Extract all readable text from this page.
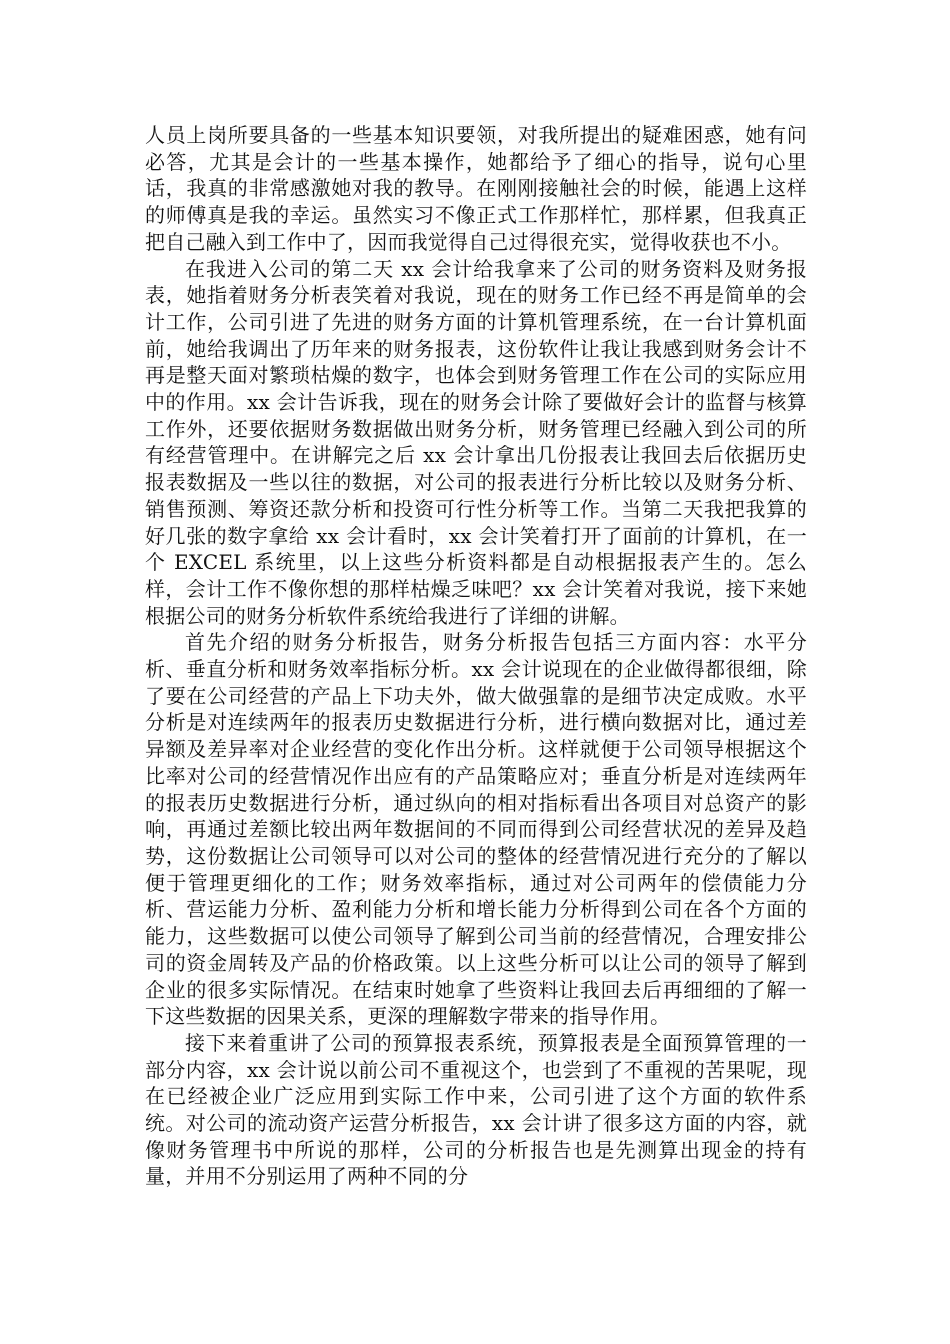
人员上岗所要具备的一些基本知识要领，对我所提出的疑难困惑，她有问必答，尤其是会计的一些基本操作，她都给予了细心的指导，说句心里话，我真的非常感激她对我的教导。在刚刚接触社会的时候，能遇上这样的师傅真是我的幸运。虽然实习不像正式工作那样忙，那样累，但我真正把自己融入到工作中了，因而我觉得自己过得很充实，觉得收获也不小。

在我进入公司的第二天 xx 会计给我拿来了公司的财务资料及财务报表，她指着财务分析表笑着对我说，现在的财务工作已经不再是简单的会计工作，公司引进了先进的财务方面的计算机管理系统，在一台计算机面前，她给我调出了历年来的财务报表，这份软件让我让我感到财务会计不再是整天面对繁琐枯燥的数字，也体会到财务管理工作在公司的实际应用中的作用。xx 会计告诉我，现在的财务会计除了要做好会计的监督与核算工作外，还要依据财务数据做出财务分析，财务管理已经融入到公司的所有经营管理中。在讲解完之后 xx 会计拿出几份报表让我回去后依据历史报表数据及一些以往的数据，对公司的报表进行分析比较以及财务分析、销售预测、筹资还款分析和投资可行性分析等工作。当第二天我把我算的好几张的数字拿给 xx 会计看时，xx 会计笑着打开了面前的计算机，在一个 EXCEL 系统里，以上这些分析资料都是自动根据报表产生的。怎么样，会计工作不像你想的那样枯燥乏味吧？xx 会计笑着对我说，接下来她根据公司的财务分析软件系统给我进行了详细的讲解。

首先介绍的财务分析报告，财务分析报告包括三方面内容：水平分析、垂直分析和财务效率指标分析。xx 会计说现在的企业做得都很细，除了要在公司经营的产品上下功夫外，做大做强靠的是细节决定成败。水平分析是对连续两年的报表历史数据进行分析，进行横向数据对比，通过差异额及差异率对企业经营的变化作出分析。这样就便于公司领导根据这个比率对公司的经营情况作出应有的产品策略应对；垂直分析是对连续两年的报表历史数据进行分析，通过纵向的相对指标看出各项目对总资产的影响，再通过差额比较出两年数据间的不同而得到公司经营状况的差异及趋势，这份数据让公司领导可以对公司的整体的经营情况进行充分的了解以便于管理更细化的工作；财务效率指标，通过对公司两年的偿债能力分析、营运能力分析、盈利能力分析和增长能力分析得到公司在各个方面的能力，这些数据可以使公司领导了解到公司当前的经营情况，合理安排公司的资金周转及产品的价格政策。以上这些分析可以让公司的领导了解到企业的很多实际情况。在结束时她拿了些资料让我回去后再细细的了解一下这些数据的因果关系，更深的理解数字带来的指导作用。

接下来着重讲了公司的预算报表系统，预算报表是全面预算管理的一部分内容，xx 会计说以前公司不重视这个，也尝到了不重视的苦果呢，现在已经被企业广泛应用到实际工作中来，公司引进了这个方面的软件系统。对公司的流动资产运营分析报告，xx 会计讲了很多这方面的内容，就像财务管理书中所说的那样，公司的分析报告也是先测算出现金的持有量，并用不分别运用了两种不同的分
